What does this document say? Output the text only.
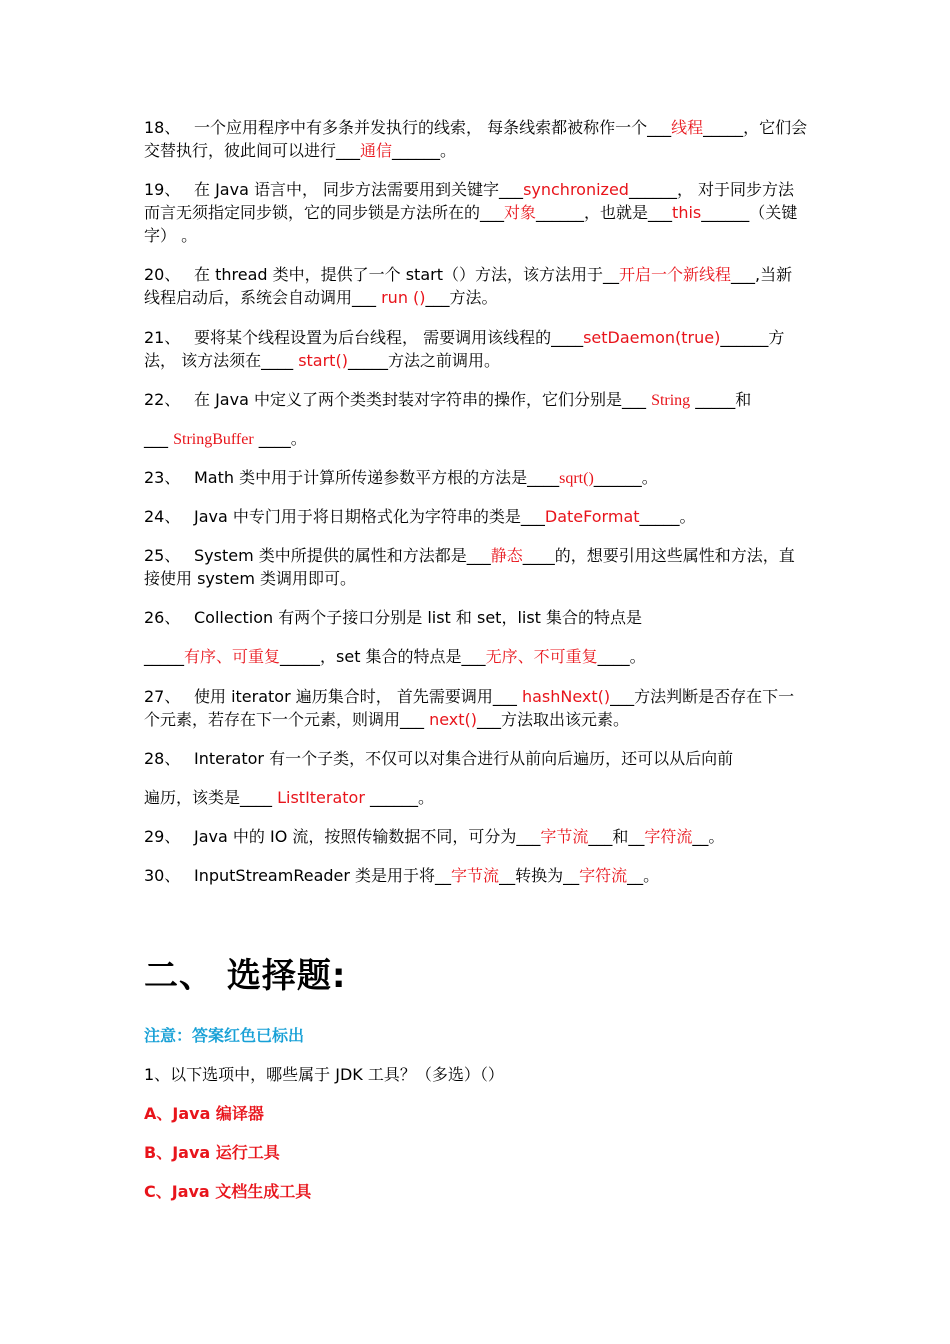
18、 一个应用程序中有多条并发执行的线索， 每条线索都被称作一个___线程_____，它们会交替执行，彼此间可以进行___通信______。
19、 在 Java 语言中， 同步方法需要用到关键字___synchronized______， 对于同步方法而言无须指定同步锁，它的同步锁是方法所在的___对象______，也就是___this______（关键字） 。
20、 在 thread 类中，提供了一个 start（）方法，该方法用于__开启一个新线程___,当新线程启动后，系统会自动调用___ run ()___方法。
21、 要将某个线程设置为后台线程， 需要调用该线程的____setDaemon(true)______方法， 该方法须在____ start()_____方法之前调用。
22、 在 Java 中定义了两个类类封装对字符串的操作，它们分别是___ String _____和
___ StringBuffer ____。
23、 Math 类中用于计算所传递参数平方根的方法是____sqrt()______。
24、 Java 中专门用于将日期格式化为字符串的类是___DateFormat_____。
25、 System 类中所提供的属性和方法都是___静态____的，想要引用这些属性和方法，直接使用 system 类调用即可。
26、 Collection 有两个子接口分别是 list 和 set，list 集合的特点是
_____有序、可重复_____，set 集合的特点是___无序、不可重复____。
27、 使用 iterator 遍历集合时， 首先需要调用___ hashNext()___方法判断是否存在下一个元素，若存在下一个元素，则调用___ next()___方法取出该元素。
28、 Interator 有一个子类，不仅可以对集合进行从前向后遍历，还可以从后向前
遍历，该类是____ ListIterator ______。
29、 Java 中的 IO 流，按照传输数据不同，可分为___字节流___和__字符流__。
30、 InputStreamReader 类是用于将__字节流__转换为__字符流__。
二、 选择题:
注意：答案红色已标出
1、以下选项中，哪些属于 JDK 工具？（多选）（）
A、Java 编译器
B、Java 运行工具
C、Java 文档生成工具
